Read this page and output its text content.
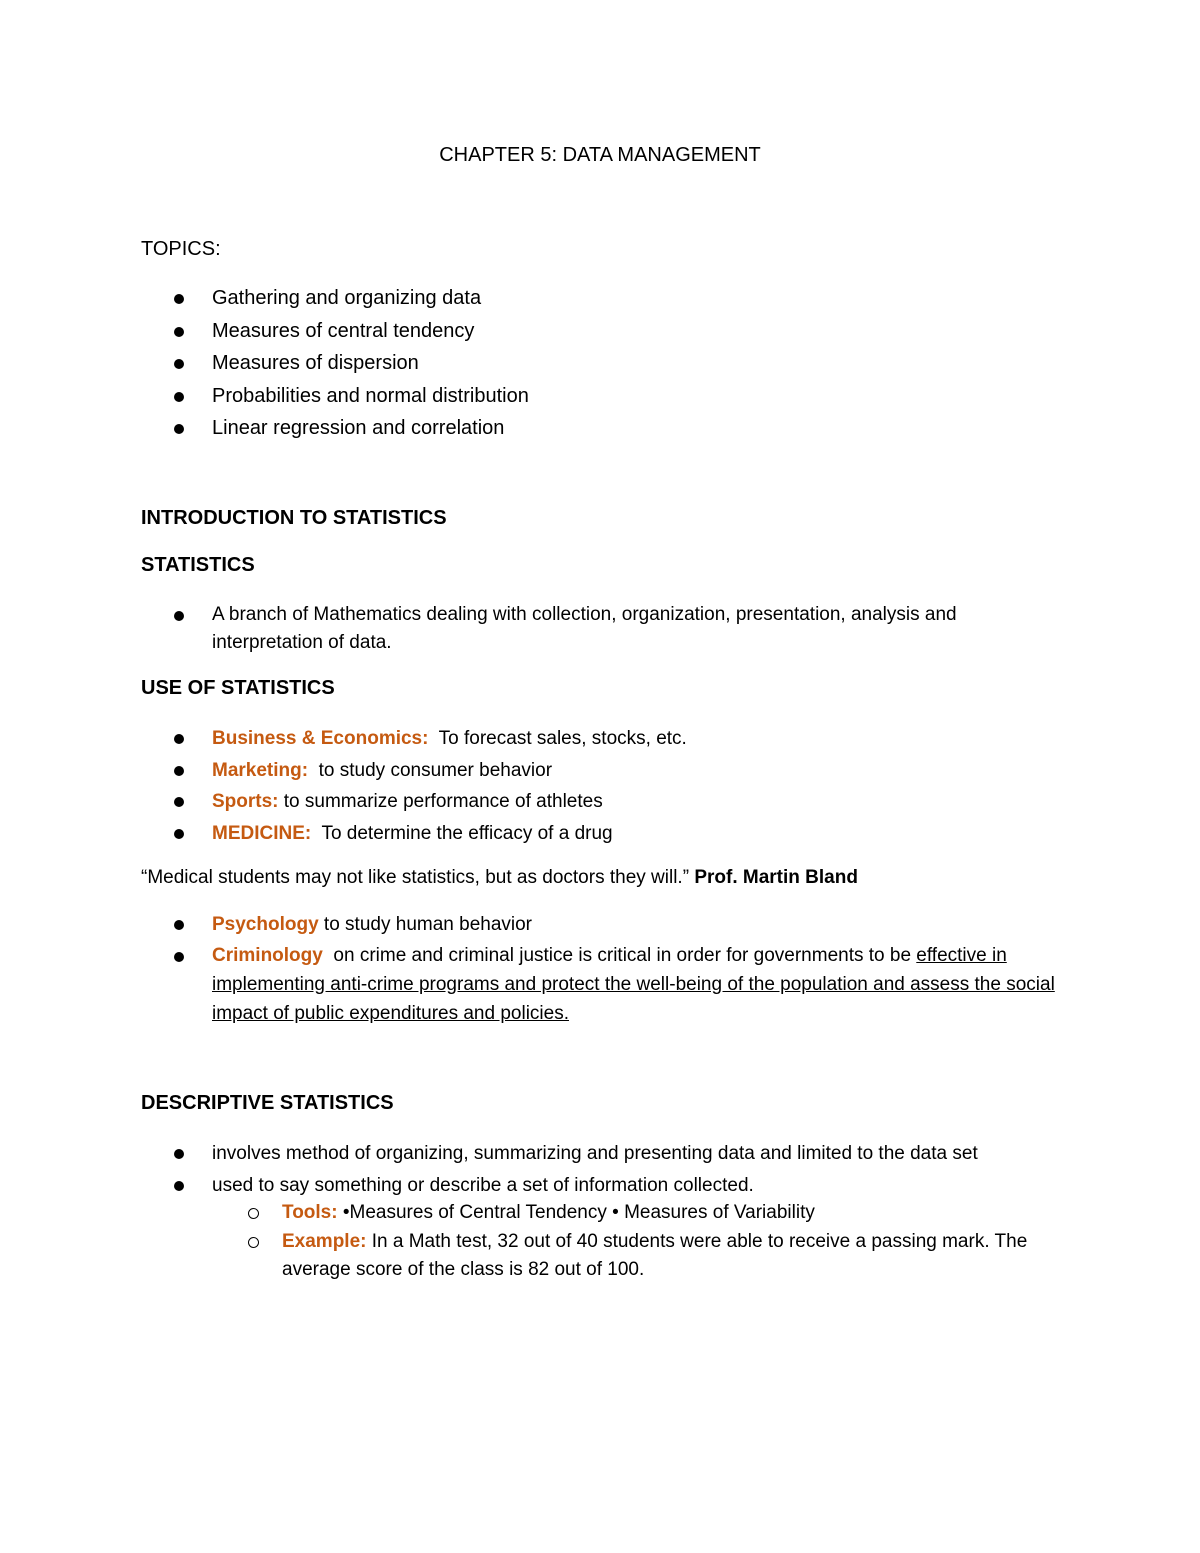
CHAPTER 5: DATA MANAGEMENT
TOPICS:
Gathering and organizing data
Measures of central tendency
Measures of dispersion
Probabilities and normal distribution
Linear regression and correlation
INTRODUCTION TO STATISTICS
STATISTICS
A branch of Mathematics dealing with collection, organization, presentation, analysis and interpretation of data.
USE OF STATISTICS
Business & Economics:  To forecast sales, stocks, etc.
Marketing:  to study consumer behavior
Sports: to summarize performance of athletes
MEDICINE:  To determine the efficacy of a drug
“Medical students may not like statistics, but as doctors they will.” Prof. Martin Bland
Psychology to study human behavior
Criminology  on crime and criminal justice is critical in order for governments to be effective in implementing anti-crime programs and protect the well-being of the population and assess the social impact of public expenditures and policies.
DESCRIPTIVE STATISTICS
involves method of organizing, summarizing and presenting data and limited to the data set
used to say something or describe a set of information collected.
Tools: •Measures of Central Tendency • Measures of Variability
Example: In a Math test, 32 out of 40 students were able to receive a passing mark. The average score of the class is 82 out of 100.
